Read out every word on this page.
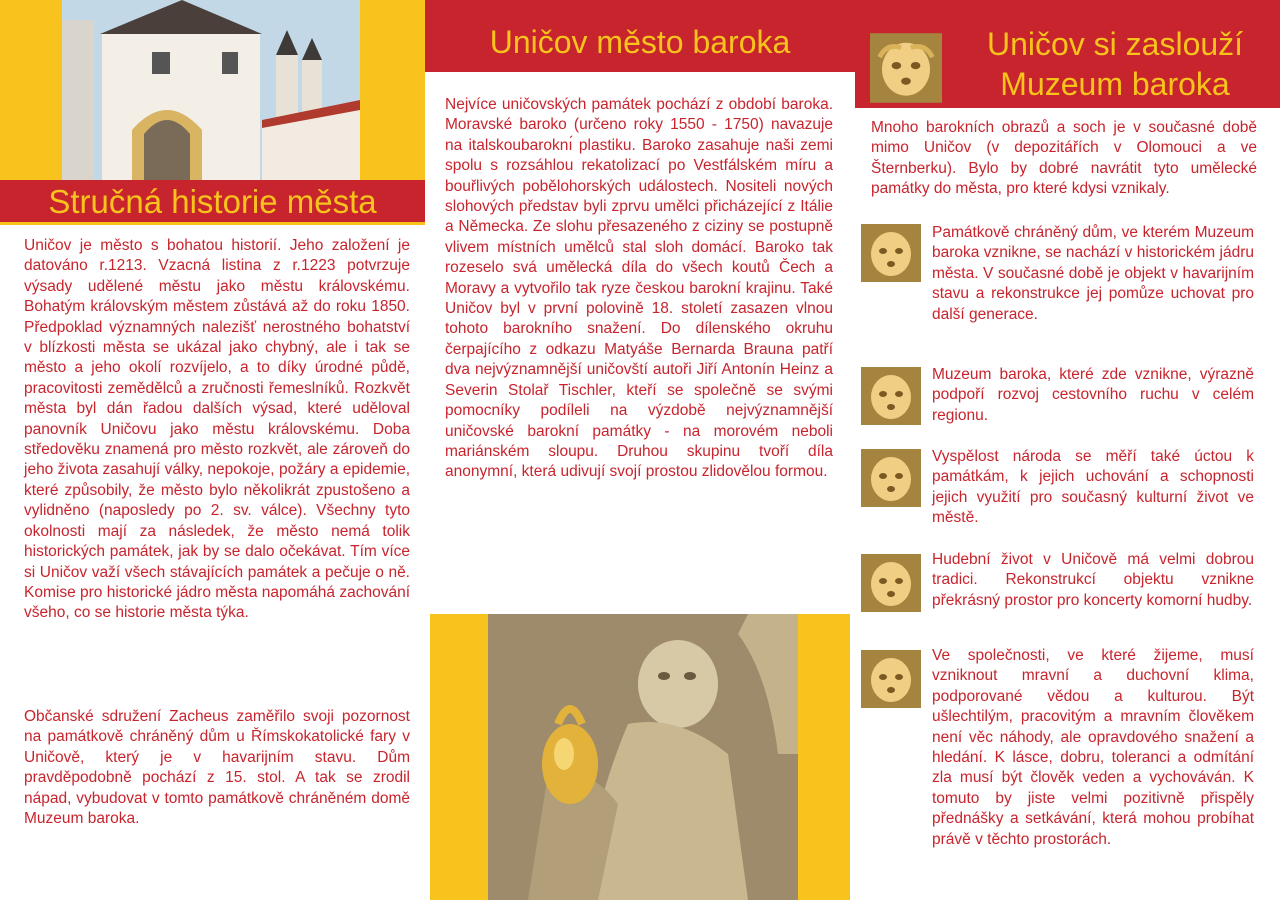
Stručná historie města

Uničov je město s bohatou historií. Jeho založení je datováno r.1213. Vzacná listina z r.1223 potvrzuje výsady udělené městu jako městu královskému. Bohatým královským městem zůstává až do roku 1850. Předpoklad významných nalezišť nerostného bohatství v blízkosti města se ukázal jako chybný, ale i tak se město a jeho okolí rozvíjelo, a to díky úrodné půdě, pracovitosti zemědělců a zručnosti řemeslníků. Rozkvět města byl dán řadou dalších výsad, které uděloval panovník Uničovu jako městu královskému. Doba středověku znamená pro město rozkvět, ale zároveň do jeho života zasahují války, nepokoje, požáry a epidemie, které způsobily, že město bylo několikrát zpustošeno a vylidněno (naposledy po 2. sv. válce). Všechny tyto okolnosti mají za následek, že město nemá tolik historických památek, jak by se dalo očekávat. Tím více si Uničov važí všech stávajících památek a pečuje o ně. Komise pro historické jádro města napomáhá zachování všeho, co se historie města týka.

Občanské sdružení Zacheus zaměřilo svoji pozornost na památkově chráněný dům u Římskokatolické fary v Uničově, který je v havarijním stavu. Dům pravděpodobně pochází z 15. stol. A tak se zrodil nápad, vybudovat v tomto památkově chráněném domě Muzeum baroka.

Uničov město baroka

Nejvíce uničovských památek pochází z období baroka. Moravské baroko (určeno roky 1550 - 1750) navazuje na italskoubaroknı́ plastiku. Baroko zasahuje naši zemi spolu s rozsáhlou rekatolizací po Vestfálském míru a bouřlivých pobělohorských událostech. Nositeli nových slohových představ byli zprvu umělci přicházející z Itálie a Německa. Ze slohu přesazeného z ciziny se postupně vlivem místních umělců stal sloh domácí. Baroko tak rozeselo svá umělecká díla do všech koutů Čech a Moravy a vytvořilo tak ryze českou barokní krajinu. Také Uničov byl v první polovině 18. století zasazen vlnou tohoto barokního snažení. Do dílenského okruhu čerpajícího z odkazu Matyáše Bernarda Brauna patří dva nejvýznamnější uničovští autoři Jiří Antonín Heinz a Severin Stolař Tischler, kteří se společně se svými pomocníky podíleli na výzdobě nejvýznamnější uničovské barokní památky - na morovém neboli mariánském sloupu. Druhou skupinu tvoří díla anonymní, která udivují svojí prostou zlidovělou formou.

Uničov si zaslouží
Muzeum baroka

Mnoho barokních obrazů a soch je v současné době mimo Uničov (v depozitářích v Olomouci a ve Šternberku). Bylo by dobré navrátit tyto umělecké památky do města, pro které kdysi vznikaly.

Památkově chráněný dům, ve kterém Muzeum baroka vznikne, se nachází v historickém jádru města. V současné době je objekt v havarijním stavu a rekonstrukce jej pomůze uchovat pro další generace.

Muzeum baroka, které zde vznikne, výrazně podpoří rozvoj cestovního ruchu v celém regionu.

Vyspělost národa se měří také úctou k památkám, k jejich uchování a schopnosti jejich využití pro současný kulturní život ve městě.

Hudební život v Uničově má velmi dobrou tradici. Rekonstrukcí objektu vznikne překrásný prostor pro koncerty komorní hudby.

Ve společnosti, ve které žijeme, musí vzniknout mravní a duchovní klima, podporované vědou a kulturou. Být ušlechtilým, pracovitým a mravním člověkem není věc náhody, ale opravdového snažení a hledání. K lásce, dobru, toleranci a odmítání zla musí být člověk veden a vychováván. K tomuto by jiste velmi pozitivně přispěly přednášky a setkávání, která mohou probíhat právě v těchto prostorách.
